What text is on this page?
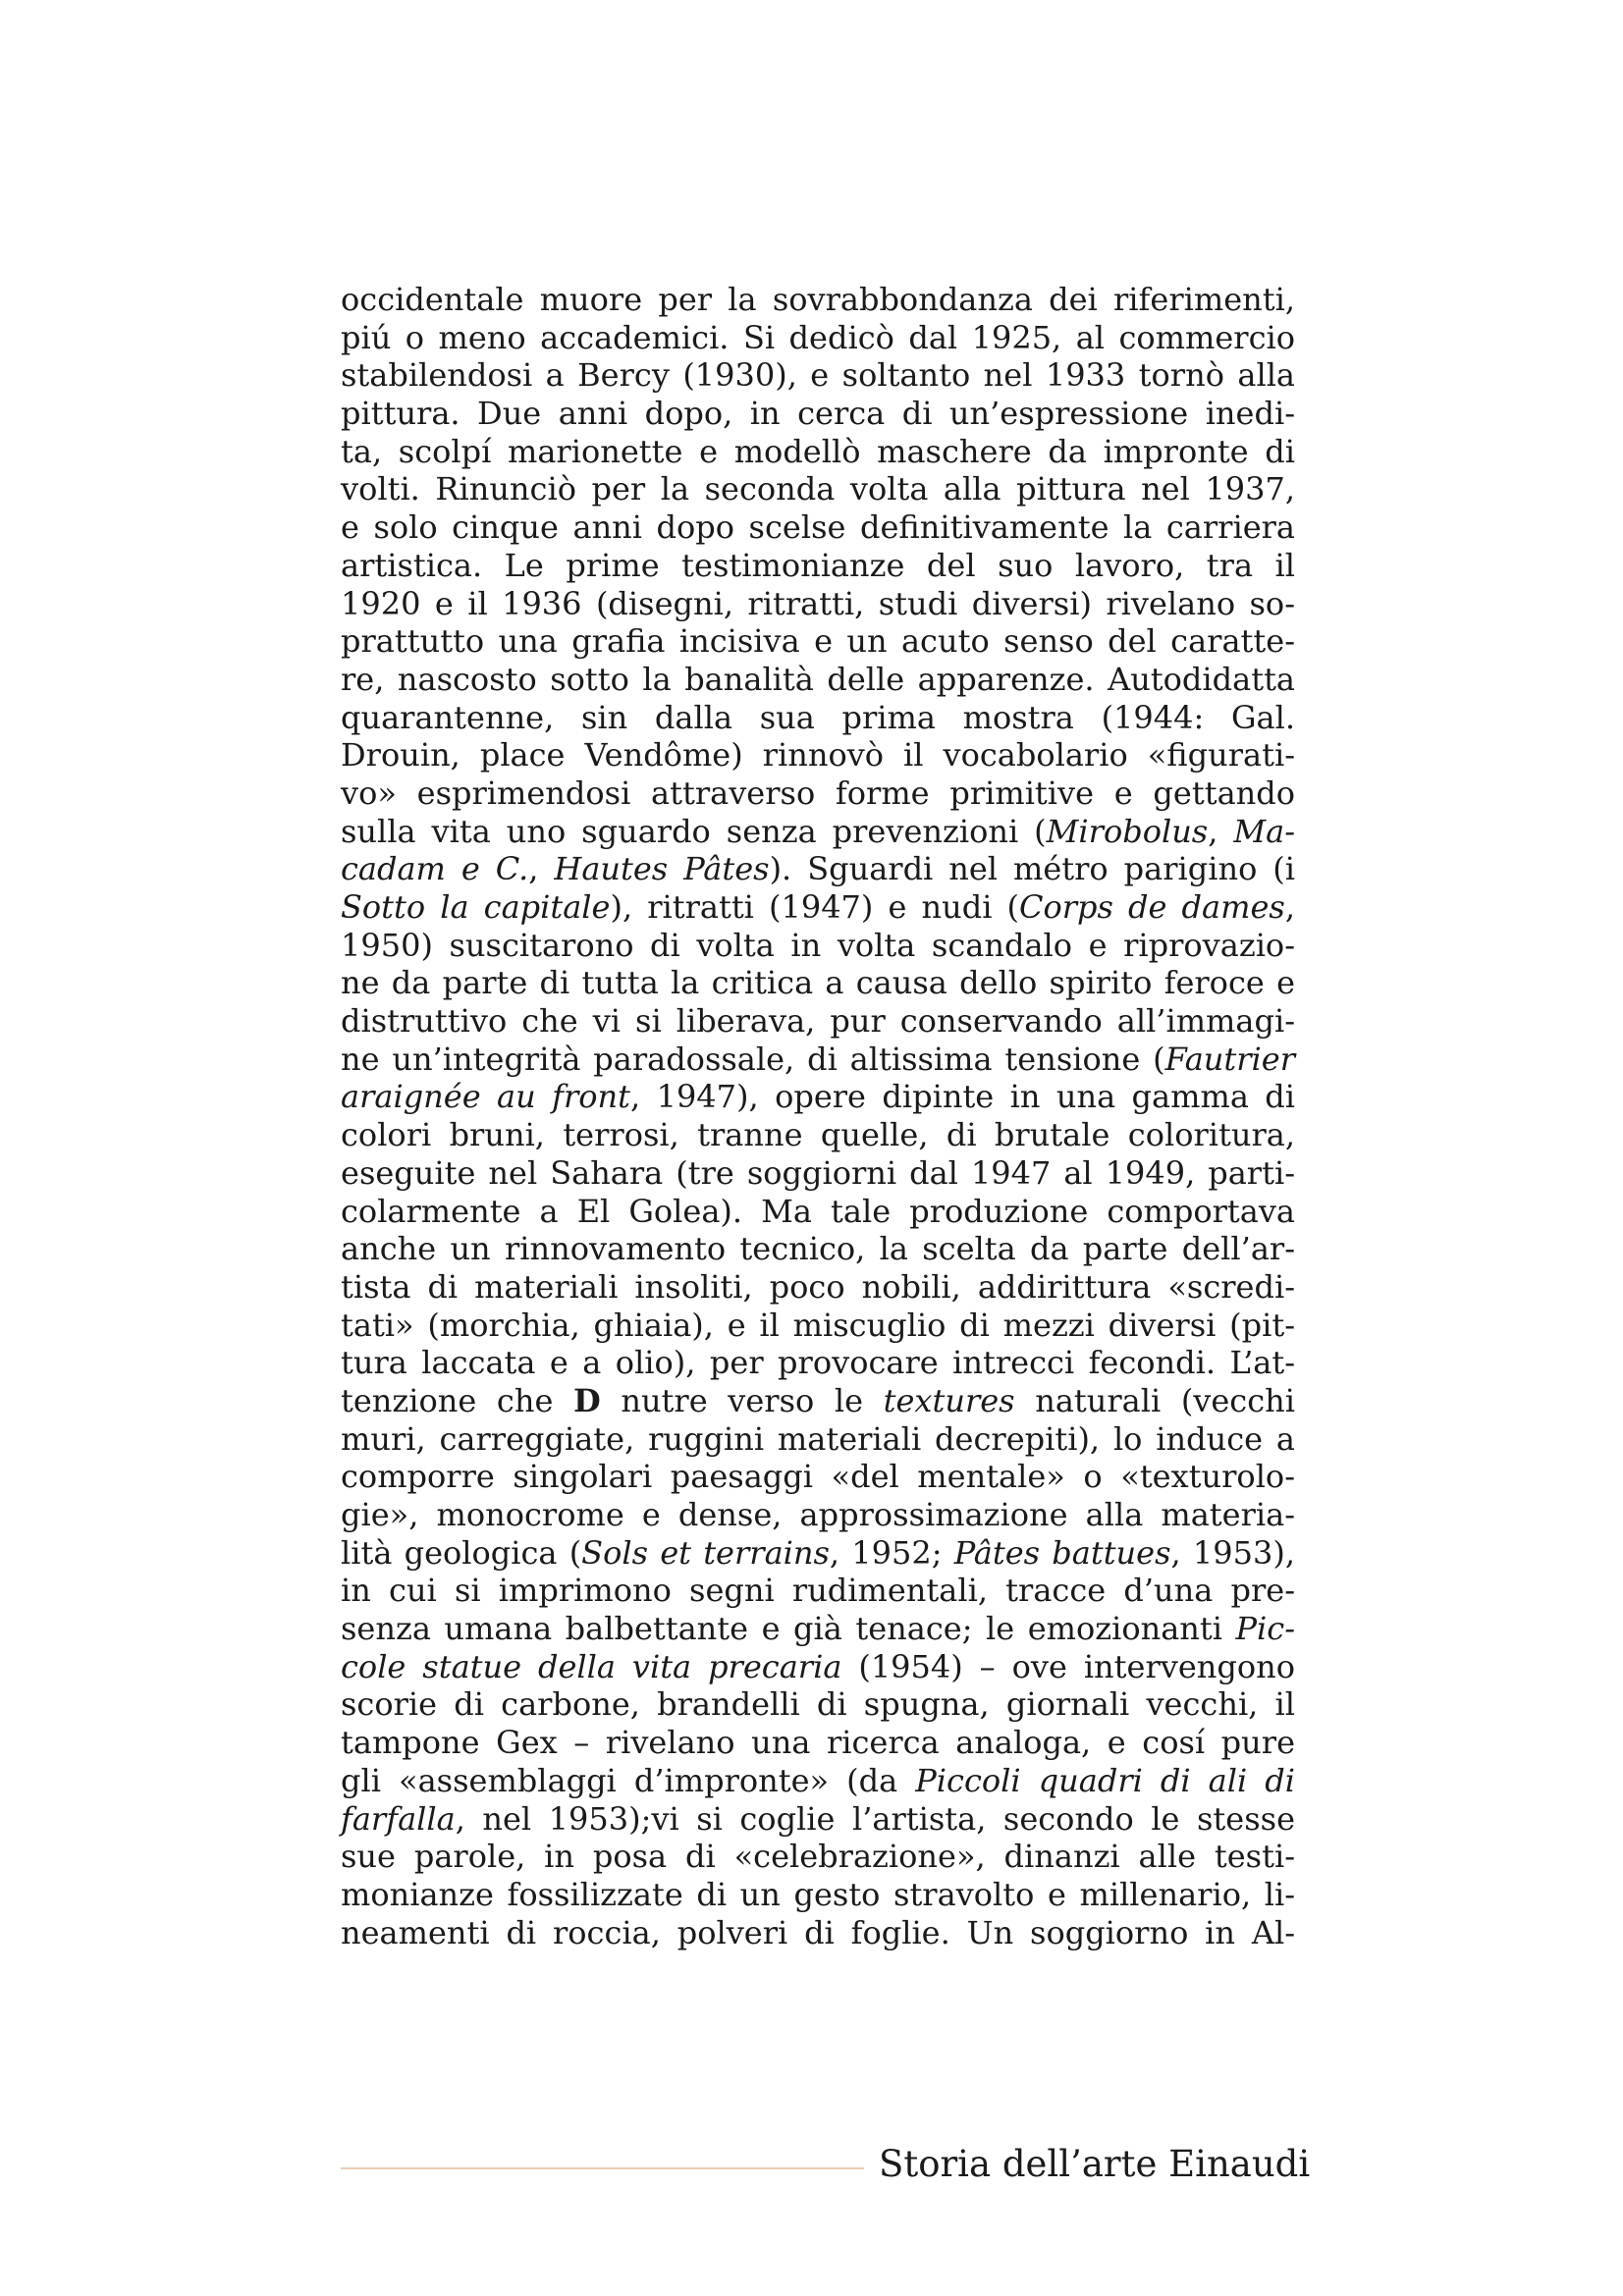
occidentale muore per la sovrabbondanza dei riferimenti,
piú o meno accademici. Si dedicò dal 1925, al commercio
stabilendosi a Bercy (1930), e soltanto nel 1933 tornò alla
pittura. Due anni dopo, in cerca di un’espressione inedi-
ta, scolpí marionette e modellò maschere da impronte di
volti. Rinunciò per la seconda volta alla pittura nel 1937,
e solo cinque anni dopo scelse definitivamente la carriera
artistica. Le prime testimonianze del suo lavoro, tra il
1920 e il 1936 (disegni, ritratti, studi diversi) rivelano so-
prattutto una grafia incisiva e un acuto senso del caratte-
re, nascosto sotto la banalità delle apparenze. Autodidatta
quarantenne, sin dalla sua prima mostra (1944: Gal.
Drouin, place Vendôme) rinnovò il vocabolario «figurati-
vo» esprimendosi attraverso forme primitive e gettando
sulla vita uno sguardo senza prevenzioni (Mirobolus, Ma-
cadam e C., Hautes Pâtes). Sguardi nel métro parigino (i
Sotto la capitale), ritratti (1947) e nudi (Corps de dames,
1950) suscitarono di volta in volta scandalo e riprovazio-
ne da parte di tutta la critica a causa dello spirito feroce e
distruttivo che vi si liberava, pur conservando all’immagi-
ne un’integrità paradossale, di altissima tensione (Fautrier
araignée au front, 1947), opere dipinte in una gamma di
colori bruni, terrosi, tranne quelle, di brutale coloritura,
eseguite nel Sahara (tre soggiorni dal 1947 al 1949, parti-
colarmente a El Golea). Ma tale produzione comportava
anche un rinnovamento tecnico, la scelta da parte dell’ar-
tista di materiali insoliti, poco nobili, addirittura «scredi-
tati» (morchia, ghiaia), e il miscuglio di mezzi diversi (pit-
tura laccata e a olio), per provocare intrecci fecondi. L’at-
tenzione che D nutre verso le textures naturali (vecchi
muri, carreggiate, ruggini materiali decrepiti), lo induce a
comporre singolari paesaggi «del mentale» o «texturolo-
gie», monocrome e dense, approssimazione alla materia-
lità geologica (Sols et terrains, 1952; Pâtes battues, 1953),
in cui si imprimono segni rudimentali, tracce d’una pre-
senza umana balbettante e già tenace; le emozionanti Pic-
cole statue della vita precaria (1954) – ove intervengono
scorie di carbone, brandelli di spugna, giornali vecchi, il
tampone Gex – rivelano una ricerca analoga, e cosí pure
gli «assemblaggi d’impronte» (da Piccoli quadri di ali di
farfalla, nel 1953);vi si coglie l’artista, secondo le stesse
sue parole, in posa di «celebrazione», dinanzi alle testi-
monianze fossilizzate di un gesto stravolto e millenario, li-
neamenti di roccia, polveri di foglie. Un soggiorno in Al-
Storia dell’arte Einaudi
